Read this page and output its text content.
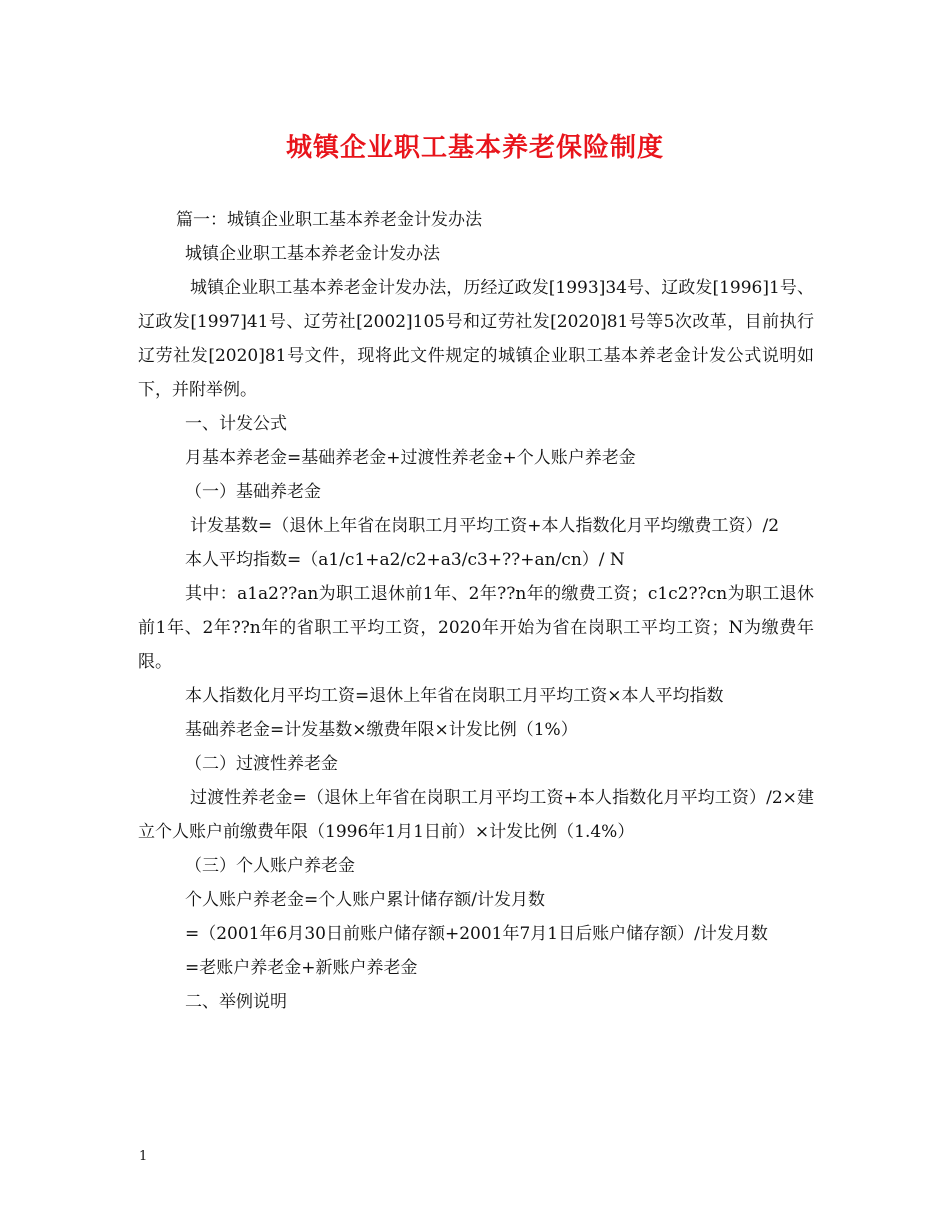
城镇企业职工基本养老保险制度

篇一：城镇企业职工基本养老金计发办法

城镇企业职工基本养老金计发办法

城镇企业职工基本养老金计发办法，历经辽政发[1993]34号、辽政发[1996]1号、辽政发[1997]41号、辽劳社[2002]105号和辽劳社发[2020]81号等5次改革，目前执行辽劳社发[2020]81号文件，现将此文件规定的城镇企业职工基本养老金计发公式说明如下，并附举例。

一、计发公式

月基本养老金=基础养老金+过渡性养老金+个人账户养老金

（一）基础养老金

计发基数=（退休上年省在岗职工月平均工资+本人指数化月平均缴费工资）/2

本人平均指数=（a1/c1+a2/c2+a3/c3+??+an/cn）/ N

其中：a1a2??an为职工退休前1年、2年??n年的缴费工资；c1c2??cn为职工退休前1年、2年??n年的省职工平均工资，2020年开始为省在岗职工平均工资；N为缴费年限。

本人指数化月平均工资=退休上年省在岗职工月平均工资×本人平均指数

基础养老金=计发基数×缴费年限×计发比例（1%）

（二）过渡性养老金

过渡性养老金=（退休上年省在岗职工月平均工资+本人指数化月平均工资）/2×建立个人账户前缴费年限（1996年1月1日前）×计发比例（1.4%）

（三）个人账户养老金

个人账户养老金=个人账户累计储存额/计发月数

=（2001年6月30日前账户储存额+2001年7月1日后账户储存额）/计发月数

=老账户养老金+新账户养老金

二、举例说明

1
